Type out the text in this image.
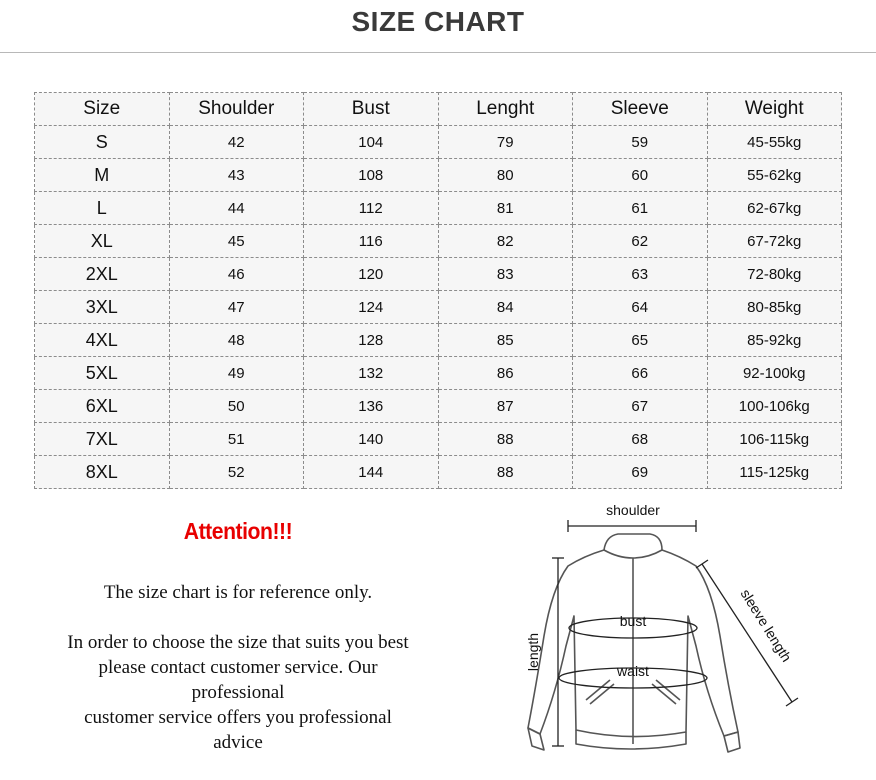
SIZE CHART
Size	Shoulder	Bust	Lenght	Sleeve	Weight
S	42	104	79	59	45-55kg
M	43	108	80	60	55-62kg
L	44	112	81	61	62-67kg
XL	45	116	82	62	67-72kg
2XL	46	120	83	63	72-80kg
3XL	47	124	84	64	80-85kg
4XL	48	128	85	65	85-92kg
5XL	49	132	86	66	92-100kg
6XL	50	136	87	67	100-106kg
7XL	51	140	88	68	106-115kg
8XL	52	144	88	69	115-125kg
Attention!!!
The size chart is for reference only.
In order to choose the size that suits you best
please contact customer service. Our
professional
customer service offers you professional
advice
shoulder
length	sleeve length
bust
waist
